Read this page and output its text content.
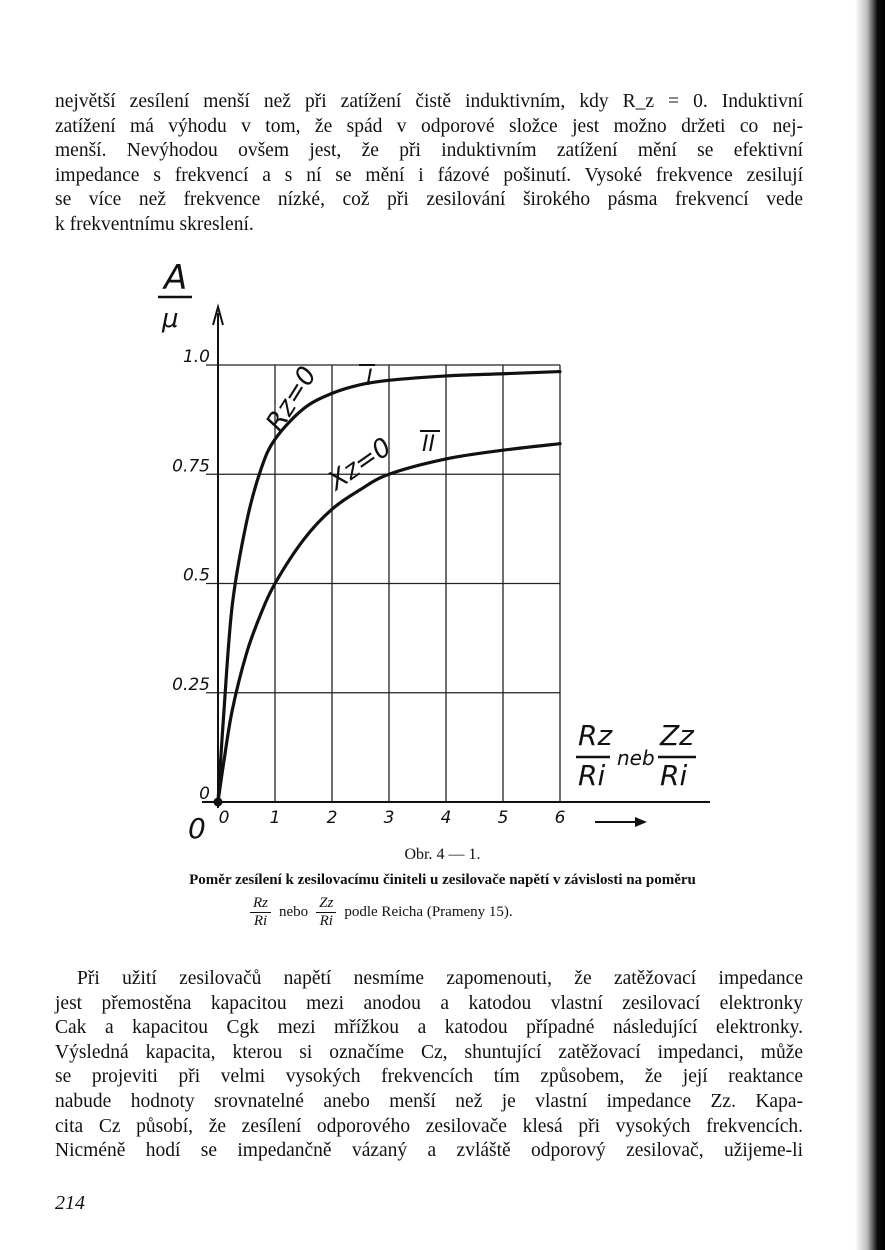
největší zesílení menší než při zatížení čistě induktivním, kdy R_z = 0. Induktivní
zatížení má výhodu v tom, že spád v odporové složce jest možno držeti co nej-
menší. Nevýhodou ovšem jest, že při induktivním zatížení mění se efektivní
impedance s frekvencí a s ní se mění i fázové pošinutí. Vysoké frekvence zesilují
se více než frekvence nízké, což při zesilování širokého pásma frekvencí vede
k frekventnímu skreslení.
0 1	2	3	4	5	6
0
0.25
0.5
0.75
1.0
0
A
μ
Rz
Ri
neb
Zz
Ri
Rz=0 I
Xz=0 II
Obr. 4 — 1.
Poměr zesílení k zesilovacímu činiteli u zesilovače napětí v závislosti na poměru
$\frac{Rz}{Ri}$ nebo $\frac{Zz}{Ri}$ podle Reicha (Prameny 15).
Při užití zesilovačů napětí nesmíme zapomenouti, že zatěžovací impedance
jest přemostěna kapacitou mezi anodou a katodou vlastní zesilovací elektronky
Cak a kapacitou Cgk mezi mřížkou a katodou případné následující elektronky.
Výsledná kapacita, kterou si označíme Cz, shuntující zatěžovací impedanci, může
se projeviti při velmi vysokých frekvencích tím způsobem, že její reaktance
nabude hodnoty srovnatelné anebo menší než je vlastní impedance Zz. Kapa-
cita Cz působí, že zesílení odporového zesilovače klesá při vysokých frekvencích.
Nicméně hodí se impedančně vázaný a zvláště odporový zesilovač, užijeme-li
214
